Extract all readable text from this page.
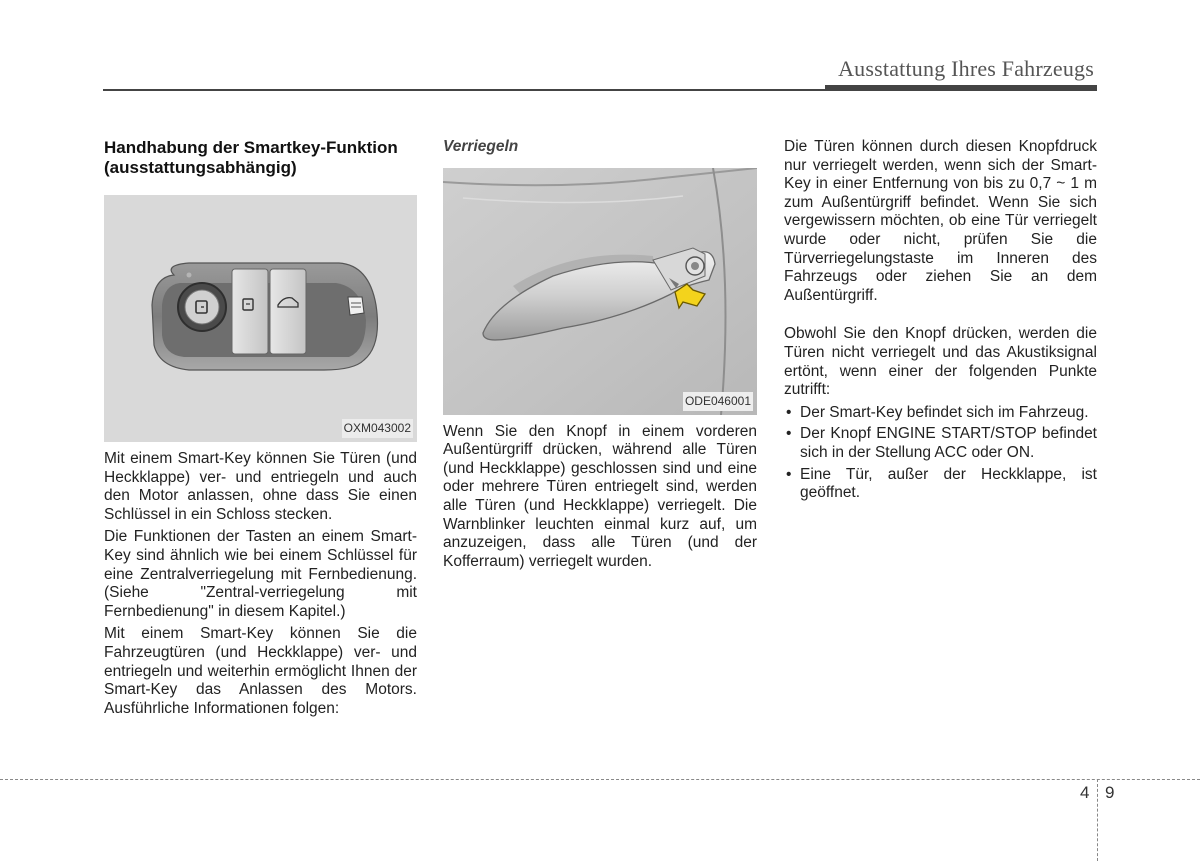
Ausstattung Ihres Fahrzeugs
Handhabung der Smartkey-Funktion (ausstattungsabhängig)
OXM043002

Mit einem Smart-Key können Sie Türen (und Heckklappe) ver- und entriegeln und auch den Motor anlassen, ohne dass Sie einen Schlüssel in ein Schloss stecken.

Die Funktionen der Tasten an einem Smart-Key sind ähnlich wie bei einem Schlüssel für eine Zentralverriegelung mit Fernbedienung. (Siehe "Zentral-verriegelung mit Fernbedienung" in diesem Kapitel.)

Mit einem Smart-Key können Sie die Fahrzeugtüren (und Heckklappe) ver- und entriegeln und weiterhin ermöglicht Ihnen der Smart-Key das Anlassen des Motors. Ausführliche Informationen folgen:

Verriegeln
ODE046001

Wenn Sie den Knopf in einem vorderen Außentürgriff drücken, während alle Türen (und Heckklappe) geschlossen sind und eine oder mehrere Türen entriegelt sind, werden alle Türen (und Heckklappe) verriegelt. Die Warnblinker leuchten einmal kurz auf, um anzuzeigen, dass alle Türen (und der Kofferraum) verriegelt wurden.

Die Türen können durch diesen Knopfdruck nur verriegelt werden, wenn sich der Smart-Key in einer Entfernung von bis zu 0,7 ~ 1 m zum Außentürgriff befindet. Wenn Sie sich vergewissern möchten, ob eine Tür verriegelt wurde oder nicht, prüfen Sie die Türverriegelungstaste im Inneren des Fahrzeugs oder ziehen Sie an dem Außentürgriff.

Obwohl Sie den Knopf drücken, werden die Türen nicht verriegelt und das Akustiksignal ertönt, wenn einer der folgenden Punkte zutrifft:

• Der Smart-Key befindet sich im Fahrzeug.
• Der Knopf ENGINE START/STOP befindet sich in der Stellung ACC oder ON.
• Eine Tür, außer der Heckklappe, ist geöffnet.
4 9
